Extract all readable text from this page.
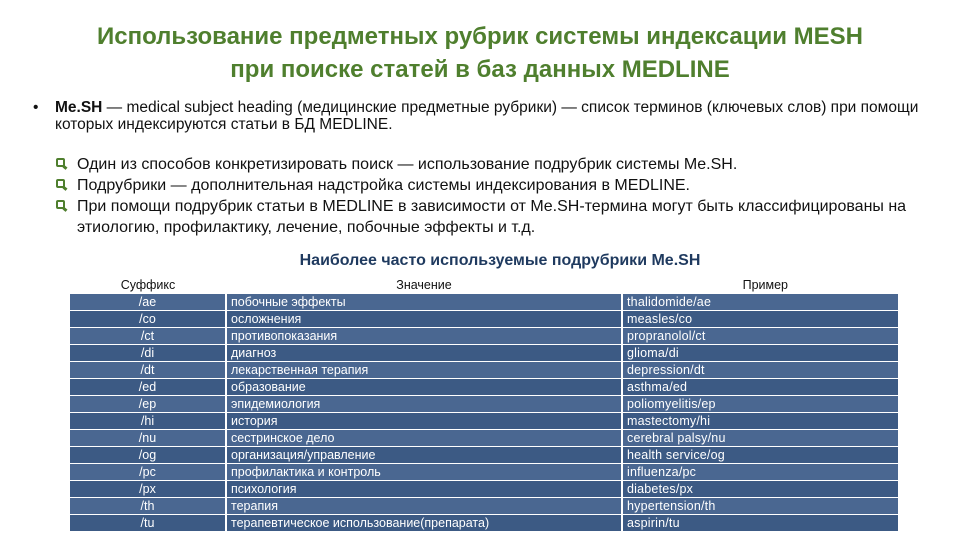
Использование предметных рубрик системы индексации MESH
при поиске статей в баз данных MEDLINE
•	Me.SH — medical subject heading (медицинские предметные рубрики) — список терминов (ключевых слов) при помощи которых индексируются статьи в БД MEDLINE.
Один из способов конкретизировать поиск — использование подрубрик системы Me.SH.
Подрубрики — дополнительная надстройка системы индексирования в MEDLINE.
При помощи подрубрик статьи в MEDLINE в зависимости от Me.SH-термина могут быть классифицированы на этиологию, профилактику, лечение, побочные эффекты и т.д.
Наиболее часто используемые подрубрики Me.SH
Суффикс	Значение	Пример
/ae	побочные эффекты	thalidomide/ae
/co	осложнения	measles/co
/ct	противопоказания	propranolol/ct
/di	диагноз	glioma/di
/dt	лекарственная терапия	depression/dt
/ed	образование	asthma/ed
/ep	эпидемиология	poliomyelitis/ep
/hi	история	mastectomy/hi
/nu	сестринское дело	cerebral palsy/nu
/og	организация/управление	health service/og
/pc	профилактика и контроль	influenza/pc
/px	психология	diabetes/px
/th	терапия	hypertension/th
/tu	терапевтическое использование(препарата)	aspirin/tu
